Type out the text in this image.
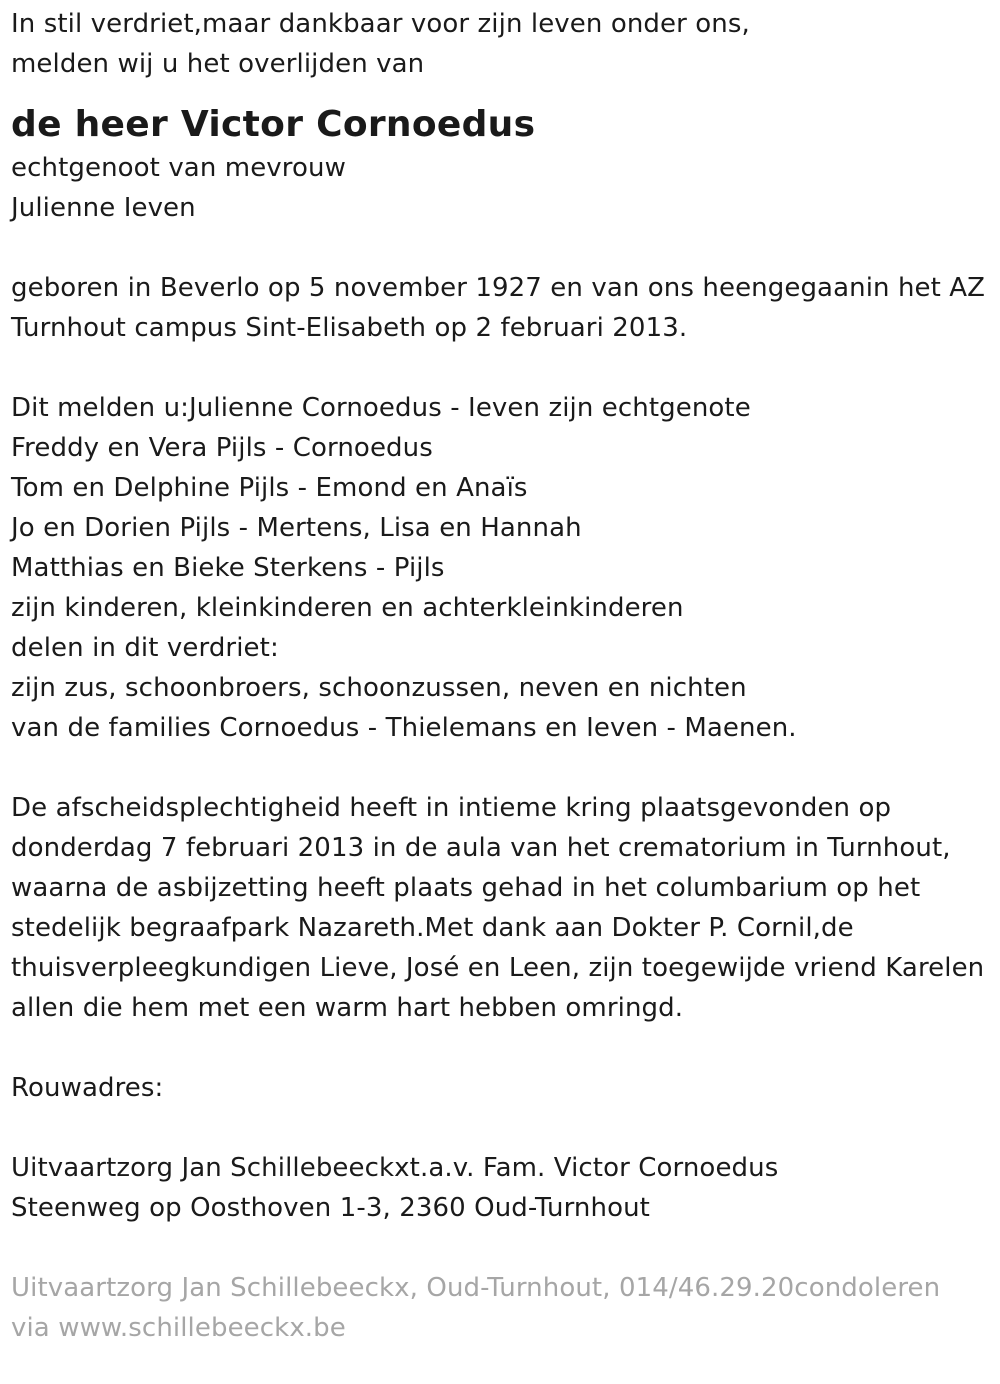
In stil verdriet,maar dankbaar voor zijn leven onder ons,
melden wij u het overlijden van
de heer Victor Cornoedus
echtgenoot van mevrouw
Julienne Ieven
geboren in Beverlo op 5 november 1927 en van ons heengegaanin het AZ
Turnhout campus Sint-Elisabeth op 2 februari 2013.
Dit melden u:Julienne Cornoedus - Ieven zijn echtgenote
Freddy en Vera Pijls - Cornoedus
Tom en Delphine Pijls - Emond en Anaïs
Jo en Dorien Pijls - Mertens, Lisa en Hannah
Matthias en Bieke Sterkens - Pijls
zijn kinderen, kleinkinderen en achterkleinkinderen
delen in dit verdriet:
zijn zus, schoonbroers, schoonzussen, neven en nichten
van de families Cornoedus - Thielemans en Ieven - Maenen.
De afscheidsplechtigheid heeft in intieme kring plaatsgevonden op
donderdag 7 februari 2013 in de aula van het crematorium in Turnhout,
waarna de asbijzetting heeft plaats gehad in het columbarium op het
stedelijk begraafpark Nazareth.Met dank aan Dokter P. Cornil,de
thuisverpleegkundigen Lieve, José en Leen, zijn toegewijde vriend Karelen
allen die hem met een warm hart hebben omringd.
Rouwadres:
Uitvaartzorg Jan Schillebeeckxt.a.v. Fam. Victor Cornoedus
Steenweg op Oosthoven 1-3, 2360 Oud-Turnhout
Uitvaartzorg Jan Schillebeeckx, Oud-Turnhout, 014/46.29.20condoleren
via www.schillebeeckx.be
